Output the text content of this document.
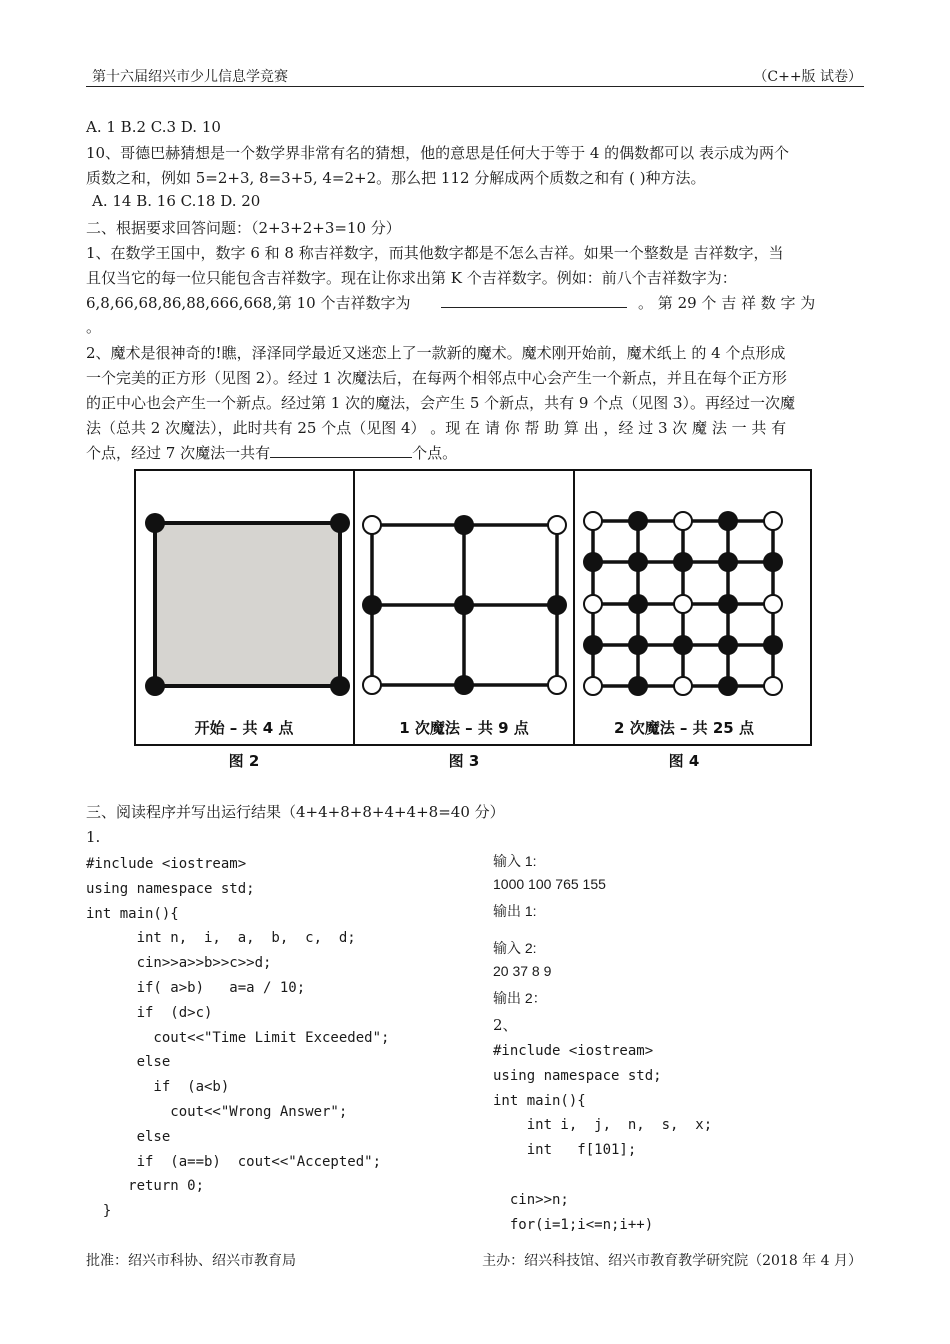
第十六届绍兴市少儿信息学竞赛	（C++版 试卷）
A. 1 B.2 C.3 D. 10
10、哥德巴赫猜想是一个数学界非常有名的猜想，他的意思是任何大于等于 4 的偶数都可以 表示成为两个
质数之和，例如 5=2+3, 8=3+5, 4=2+2。那么把 112 分解成两个质数之和有 ( )种方法。
A. 14 B. 16 C.18 D. 20
二、根据要求回答问题：（2+3+2+3=10 分）
1、在数学王国中，数字 6 和 8 称吉祥数字，而其他数字都是不怎么吉祥。如果一个整数是 吉祥数字，当
且仅当它的每一位只能包含吉祥数字。现在让你求出第 K 个吉祥数字。例如：前八个吉祥数字为：
6,8,66,68,86,88,666,668,第 10 个吉祥数字为	。 第 29 个 吉 祥 数 字 为
。
2、魔术是很神奇的!瞧，泽泽同学最近又迷恋上了一款新的魔术。魔术刚开始前，魔术纸上 的 4 个点形成
一个完美的正方形（见图 2）。经过 1 次魔法后，在每两个相邻点中心会产生一个新点，并且在每个正方形
的正中心也会产生一个新点。经过第 1 次的魔法，会产生 5 个新点，共有 9 个点（见图 3）。再经过一次魔
法（总共 2 次魔法），此时共有 25 个点（见图 4） 。现 在 请 你 帮 助 算 出 ，经 过 3 次 魔 法 一 共 有
个点，经过 7 次魔法一共有	个点。
开始 – 共 4 点	1 次魔法 – 共 9 点	2 次魔法 – 共 25 点
图 2	图 3	图 4
三、阅读程序并写出运行结果（4+4+8+8+4+4+8=40 分）
1.
#include <iostream>
using namespace std;
int main(){
int n,  i,  a,  b,  c,  d;
cin>>a>>b>>c>>d;
if( a>b)   a=a / 10;
if  (d>c)
cout<<"Time Limit Exceeded";
else
if  (a<b)
cout<<"Wrong Answer";
else
if  (a==b)  cout<<"Accepted";
return 0;
}
输入 1:
1000 100 765 155
输出 1:
输入 2:
20 37 8 9
输出 2：
2、
#include <iostream>
using namespace std;
int main(){
int i,  j,  n,  s,  x;
int   f[101];

cin>>n;
for(i=1;i<=n;i++)
批准：绍兴市科协、绍兴市教育局	主办：绍兴科技馆、绍兴市教育教学研究院（2018 年 4 月）
